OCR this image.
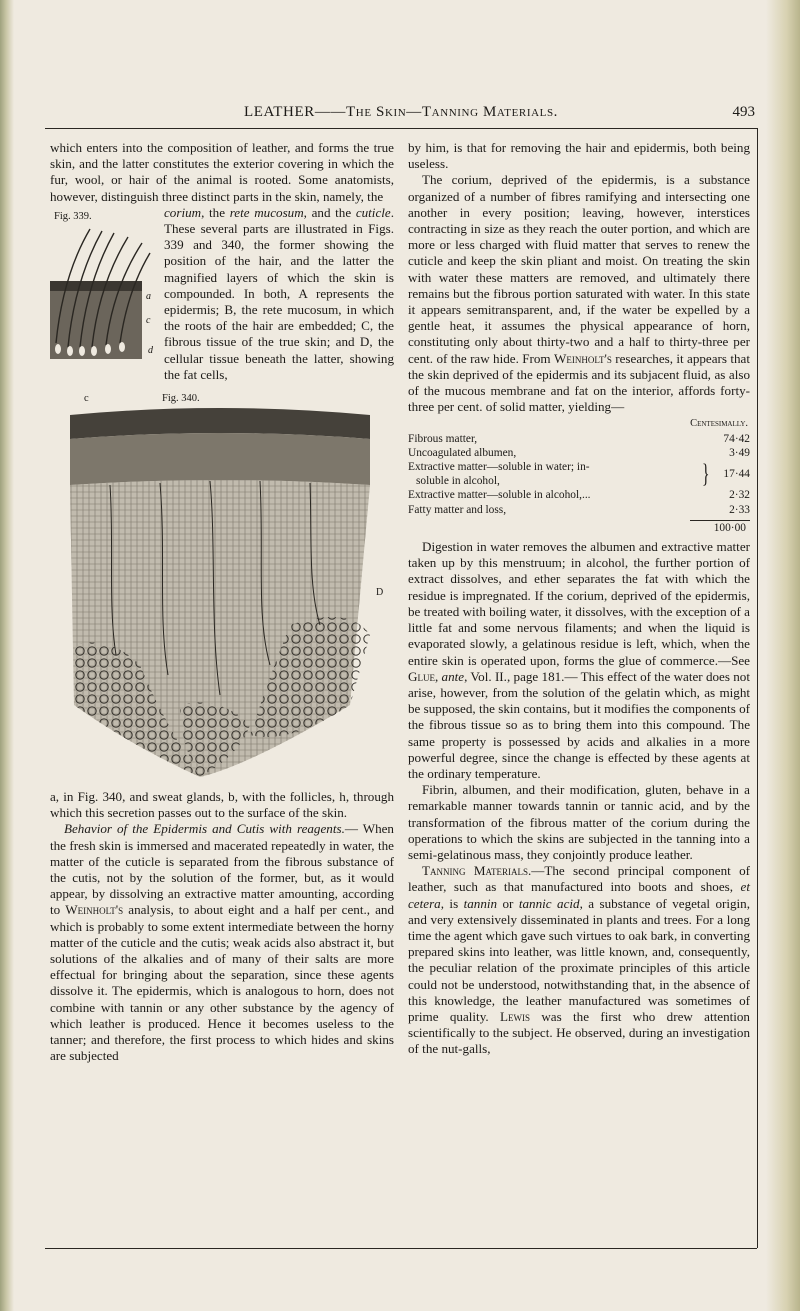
LEATHER——The Skin—Tanning Materials.	493

which enters into the composition of leather, and forms the true skin, and the latter constitutes the exterior covering in which the fur, wool, or hair of the animal is rooted. Some anatomists, however, distinguish three distinct parts in the skin, namely, the

Fig. 339.
c
d
a

corium, the rete mucosum, and the cuticle. These several parts are illustrated in Figs. 339 and 340, the former showing the position of the hair, and the latter the magnified layers of which the skin is compounded. In both, A represents the epidermis; B, the rete mucosum, in which the roots of the hair are embedded; C, the fibrous tissue of the true skin; and D, the cellular tissue beneath the latter, showing the fat cells,

c	Fig. 340.
D

a, in Fig. 340, and sweat glands, b, with the follicles, h, through which this secretion passes out to the surface of the skin.

Behavior of the Epidermis and Cutis with reagents.— When the fresh skin is immersed and macerated repeatedly in water, the matter of the cuticle is separated from the fibrous substance of the cutis, not by the solution of the former, but, as it would appear, by dissolving an extractive matter amounting, according to Weinholt's analysis, to about eight and a half per cent., and which is probably to some extent intermediate between the horny matter of the cuticle and the cutis; weak acids also abstract it, but solutions of the alkalies and of many of their salts are more effectual for bringing about the separation, since these agents dissolve it. The epidermis, which is analogous to horn, does not combine with tannin or any other substance by the agency of which leather is produced. Hence it becomes useless to the tanner; and therefore, the first process to which hides and skins are subjected

by him, is that for removing the hair and epidermis, both being useless.

The corium, deprived of the epidermis, is a substance organized of a number of fibres ramifying and intersecting one another in every position; leaving, however, interstices contracting in size as they reach the outer portion, and which are more or less charged with fluid matter that serves to renew the cuticle and keep the skin pliant and moist. On treating the skin with water these matters are removed, and ultimately there remains but the fibrous portion saturated with water. In this state it appears semitransparent, and, if the water be expelled by a gentle heat, it assumes the physical appearance of horn, constituting only about thirty-two and a half to thirty-three per cent. of the raw hide. From Weinholt's researches, it appears that the skin deprived of the epidermis and its subjacent fluid, as also of the mucous membrane and fat on the interior, affords forty-three per cent. of solid matter, yielding—

Centesimally.
Fibrous matter,	74·42
Uncoagulated albumen,	3·49
Extractive matter—soluble in water; in-
soluble in alcohol,	}	17·44
Extractive matter—soluble in alcohol,...	2·32
Fatty matter and loss,	2·33
100·00

Digestion in water removes the albumen and extractive matter taken up by this menstruum; in alcohol, the further portion of extract dissolves, and ether separates the fat with which the residue is impregnated. If the corium, deprived of the epidermis, be treated with boiling water, it dissolves, with the exception of a little fat and some nervous filaments; and when the liquid is evaporated slowly, a gelatinous residue is left, which, when the entire skin is operated upon, forms the glue of commerce.—See Glue, ante, Vol. II., page 181.— This effect of the water does not arise, however, from the solution of the gelatin which, as might be supposed, the skin contains, but it modifies the components of the fibrous tissue so as to bring them into this compound. The same property is possessed by acids and alkalies in a more powerful degree, since the change is effected by these agents at the ordinary temperature.

Fibrin, albumen, and their modification, gluten, behave in a remarkable manner towards tannin or tannic acid, and by the transformation of the fibrous matter of the corium during the operations to which the skins are subjected in the tanning into a semi-gelatinous mass, they conjointly produce leather.

Tanning Materials.—The second principal component of leather, such as that manufactured into boots and shoes, et cetera, is tannin or tannic acid, a substance of vegetal origin, and very extensively disseminated in plants and trees. For a long time the agent which gave such virtues to oak bark, in converting prepared skins into leather, was little known, and, consequently, the peculiar relation of the proximate principles of this article could not be understood, notwithstanding that, in the absence of this knowledge, the leather manufactured was sometimes of prime quality. Lewis was the first who drew attention scientifically to the subject. He observed, during an investigation of the nut-galls,
